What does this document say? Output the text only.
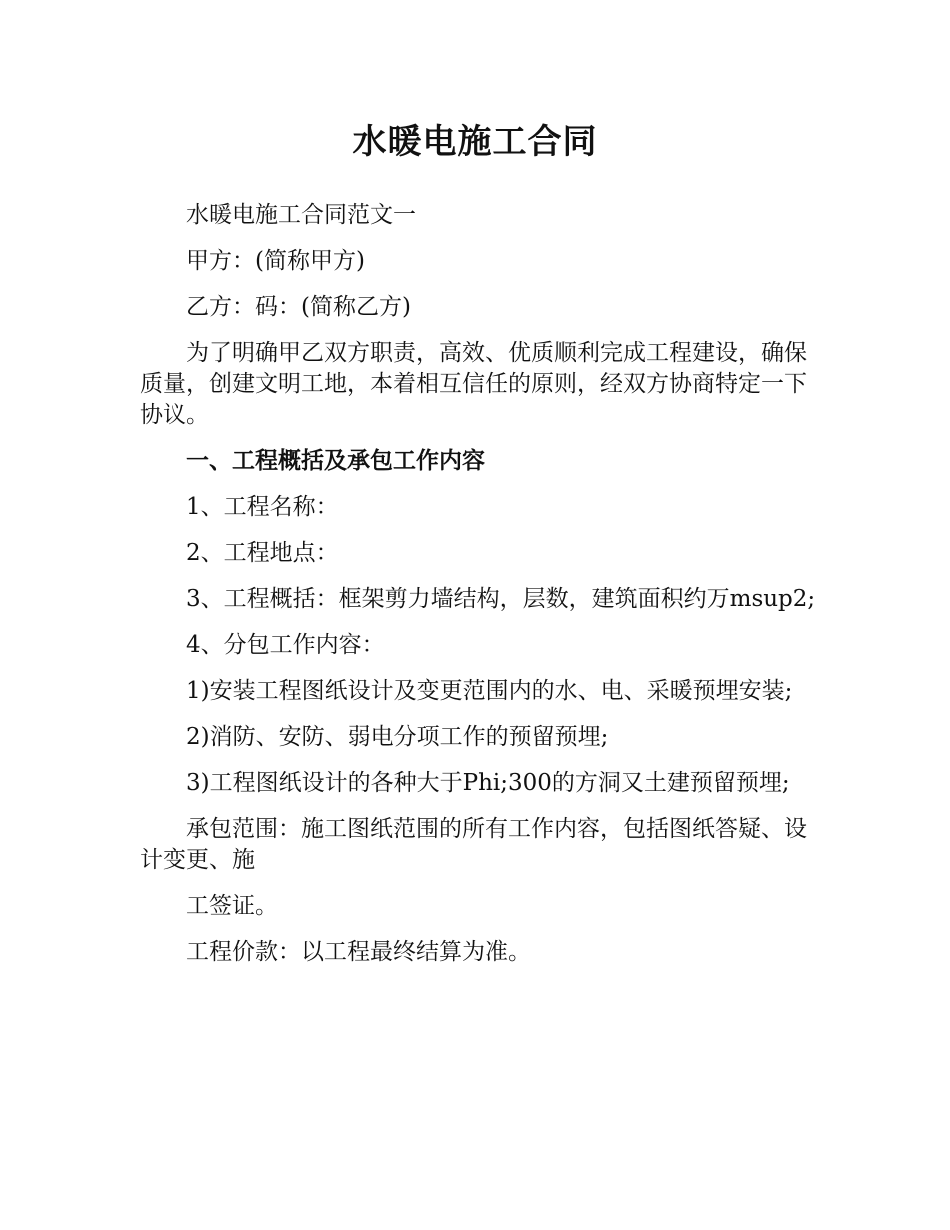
水暖电施工合同

水暖电施工合同范文一

甲方：(简称甲方)

乙方：码：(简称乙方)

为了明确甲乙双方职责，高效、优质顺利完成工程建设，确保质量，创建文明工地，本着相互信任的原则，经双方协商特定一下协议。

一、工程概括及承包工作内容

1、工程名称：

2、工程地点：

3、工程概括：框架剪力墙结构，层数，建筑面积约万msup2;

4、分包工作内容：

1)安装工程图纸设计及变更范围内的水、电、采暖预埋安装;

2)消防、安防、弱电分项工作的预留预埋;

3)工程图纸设计的各种大于Phi;300的方洞又土建预留预埋;

承包范围：施工图纸范围的所有工作内容，包括图纸答疑、设计变更、施

工签证。

工程价款：以工程最终结算为准。
